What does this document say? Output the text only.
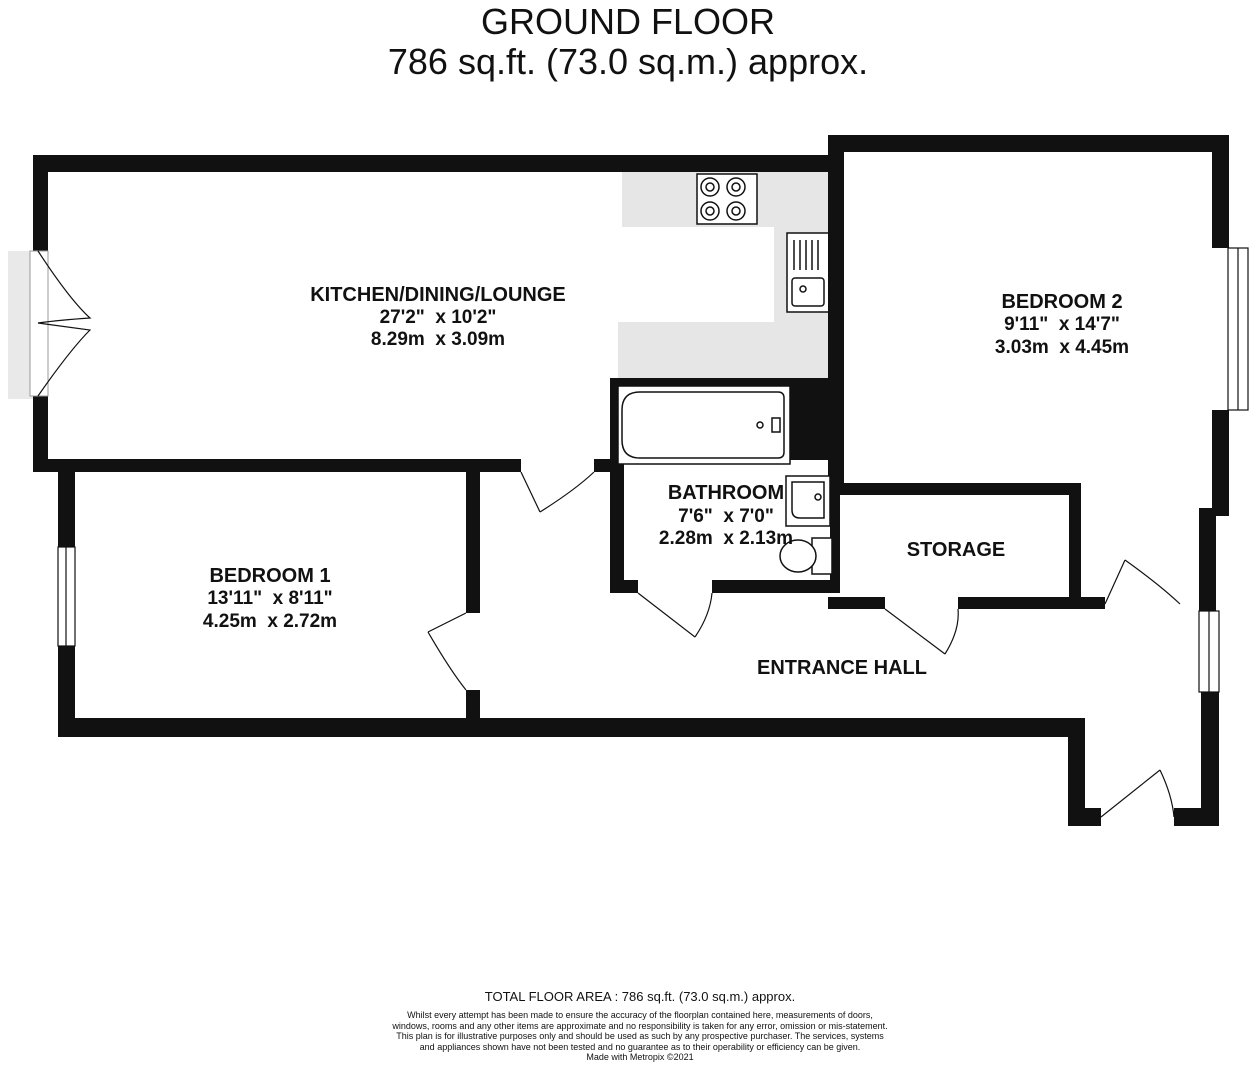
GROUND FLOOR
786 sq.ft. (73.0 sq.m.) approx.
KITCHEN/DINING/LOUNGE
27'2"  x 10'2"
8.29m  x 3.09m
BEDROOM 2
9'11"  x 14'7"
3.03m  x 4.45m
BATHROOM
7'6"  x 7'0"
2.28m  x 2.13m
BEDROOM 1
13'11"  x 8'11"
4.25m  x 2.72m
STORAGE
ENTRANCE HALL
TOTAL FLOOR AREA : 786 sq.ft. (73.0 sq.m.) approx.
Whilst every attempt has been made to ensure the accuracy of the floorplan contained here, measurements of doors, windows, rooms and any other items are approximate and no responsibility is taken for any error, omission or mis-statement. This plan is for illustrative purposes only and should be used as such by any prospective purchaser. The services, systems and appliances shown have not been tested and no guarantee as to their operability or efficiency can be given.
Made with Metropix ©2021
